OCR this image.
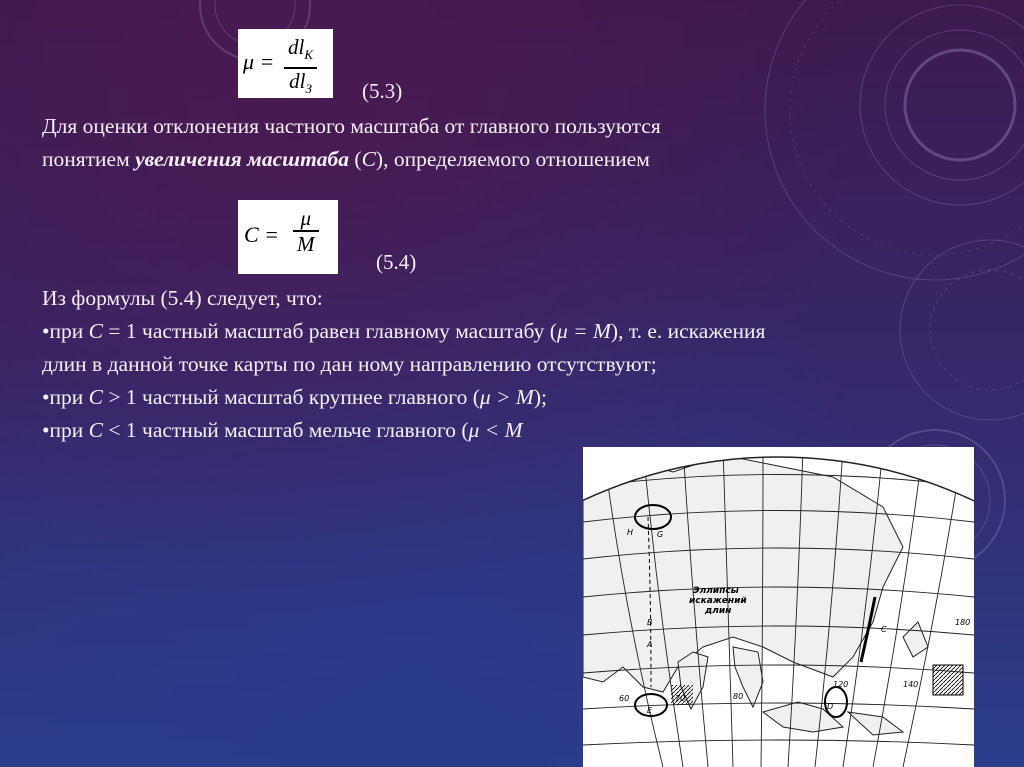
μ =
$dl_K$
$dl_З$ (5.3)
Для оценки отклонения частного масштаба от главного пользуются
понятием увеличения масштаба (C), определяемого отношением
C =
μ
M
(5.4)
Из формулы (5.4) следует, что:
•при C = 1 частный масштаб равен главному масштабу (μ = M), т. е. искажения
длин в данной точке карты по дан ному направлению отсутствуют;
•при C > 1 частный масштаб крупнее главного (μ > M);
•при C < 1 частный масштаб мельче главного (μ < M
Эллипсы
искажений
длин
А
В
С
Н
D
E
G
120	140
180
80
60	70
